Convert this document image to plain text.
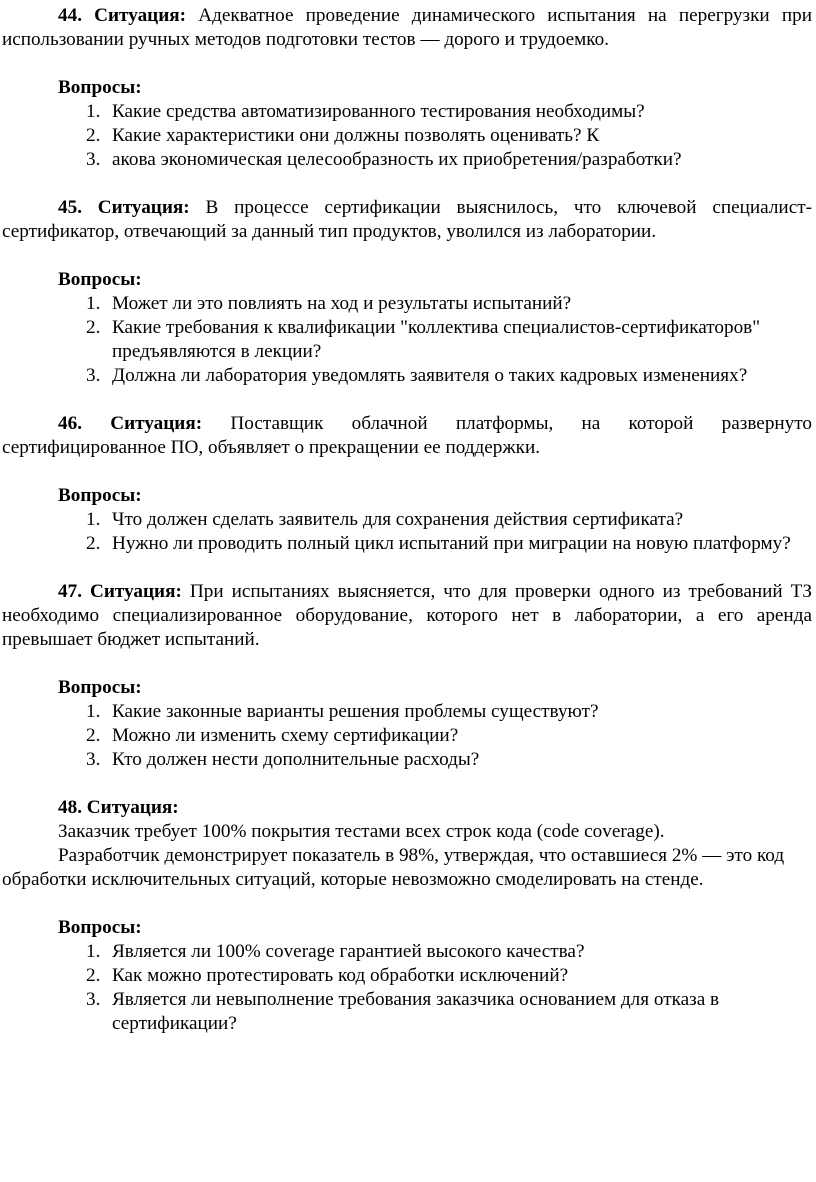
44. Ситуация: Адекватное проведение динамического испытания на перегрузки при использовании ручных методов подготовки тестов — дорого и трудоемко.

Вопросы:

1. Какие средства автоматизированного тестирования необходимы?
2. Какие характеристики они должны позволять оценивать? К
3. акова экономическая целесообразность их приобретения/разработки?

45. Ситуация: В процессе сертификации выяснилось, что ключевой специалист-сертификатор, отвечающий за данный тип продуктов, уволился из лаборатории.

Вопросы:

1. Может ли это повлиять на ход и результаты испытаний?
2. Какие требования к квалификации "коллектива специалистов-сертификаторов" предъявляются в лекции?
3. Должна ли лаборатория уведомлять заявителя о таких кадровых изменениях?

46. Ситуация: Поставщик облачной платформы, на которой развернуто сертифицированное ПО, объявляет о прекращении ее поддержки.

Вопросы:

1. Что должен сделать заявитель для сохранения действия сертификата?
2. Нужно ли проводить полный цикл испытаний при миграции на новую платформу?

47. Ситуация: При испытаниях выясняется, что для проверки одного из требований ТЗ необходимо специализированное оборудование, которого нет в лаборатории, а его аренда превышает бюджет испытаний.

Вопросы:

1. Какие законные варианты решения проблемы существуют?
2. Можно ли изменить схему сертификации?
3. Кто должен нести дополнительные расходы?

48. Ситуация:

Заказчик требует 100% покрытия тестами всех строк кода (code coverage).

Разработчик демонстрирует показатель в 98%, утверждая, что оставшиеся 2% — это код обработки исключительных ситуаций, которые невозможно смоделировать на стенде.

Вопросы:

1. Является ли 100% coverage гарантией высокого качества?
2. Как можно протестировать код обработки исключений?
3. Является ли невыполнение требования заказчика основанием для отказа в сертификации?
